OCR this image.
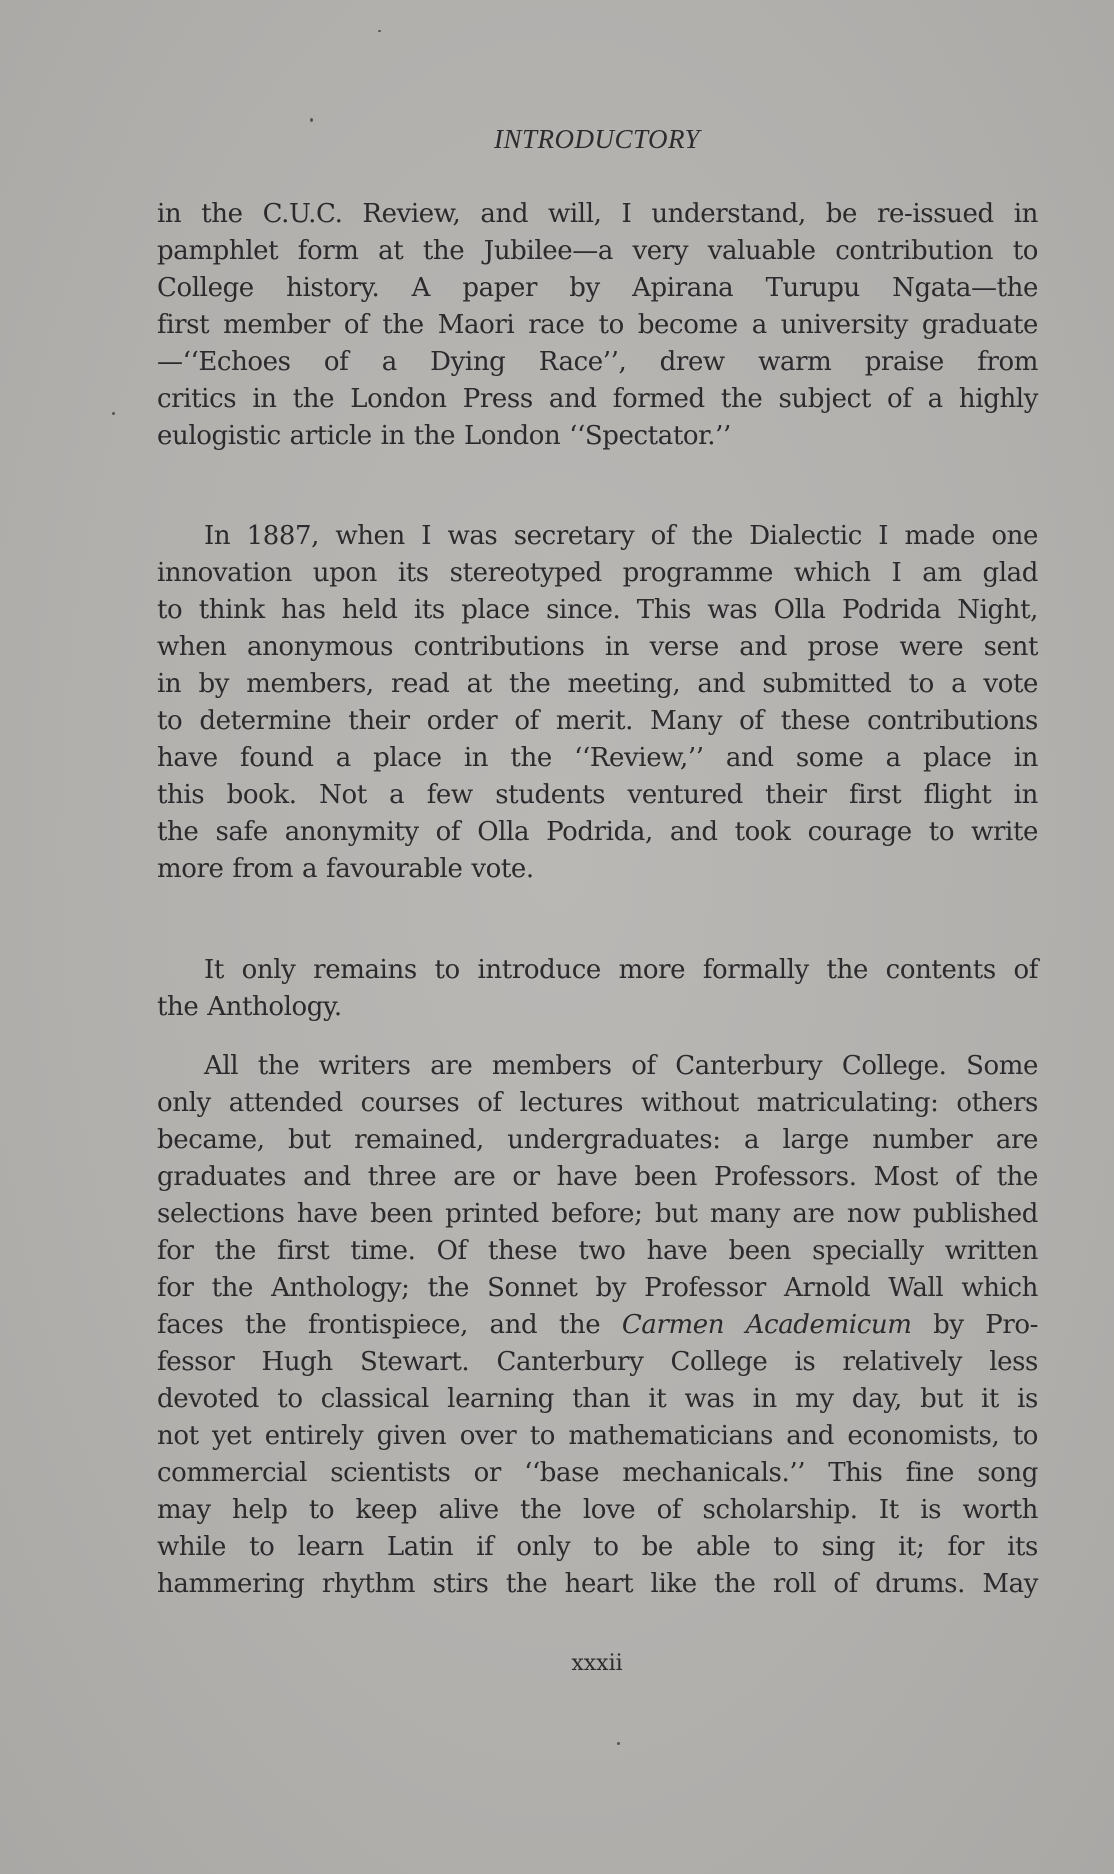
INTRODUCTORY
in the C.U.C. Review, and will, I understand, be re-issued in
pamphlet form at the Jubilee—a very valuable contribution to
College history. A paper by Apirana Turupu Ngata—the
first member of the Maori race to become a university graduate
—‘‘Echoes of a Dying Race’’, drew warm praise from
critics in the London Press and formed the subject of a highly
eulogistic article in the London ‘‘Spectator.’’
In 1887, when I was secretary of the Dialectic I made one
innovation upon its stereotyped programme which I am glad
to think has held its place since. This was Olla Podrida Night,
when anonymous contributions in verse and prose were sent
in by members, read at the meeting, and submitted to a vote
to determine their order of merit. Many of these contributions
have found a place in the ‘‘Review,’’ and some a place in
this book. Not a few students ventured their first flight in
the safe anonymity of Olla Podrida, and took courage to write
more from a favourable vote.
It only remains to introduce more formally the contents of
the Anthology.
All the writers are members of Canterbury College. Some
only attended courses of lectures without matriculating: others
became, but remained, undergraduates: a large number are
graduates and three are or have been Professors. Most of the
selections have been printed before; but many are now published
for the first time. Of these two have been specially written
for the Anthology; the Sonnet by Professor Arnold Wall which
faces the frontispiece, and the Carmen Academicum by Pro-
fessor Hugh Stewart. Canterbury College is relatively less
devoted to classical learning than it was in my day, but it is
not yet entirely given over to mathematicians and economists, to
commercial scientists or ‘‘base mechanicals.’’ This fine song
may help to keep alive the love of scholarship. It is worth
while to learn Latin if only to be able to sing it; for its
hammering rhythm stirs the heart like the roll of drums. May
xxxii
